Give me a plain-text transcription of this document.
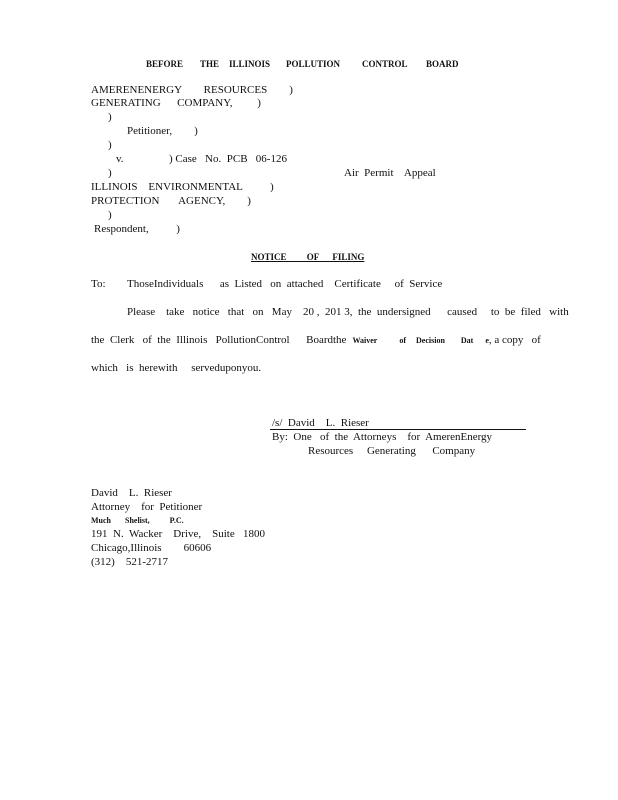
BEFORE THE ILLINOIS POLLUTION CONTROL BOARD
AMERENENERGY        RESOURCES        )
GENERATING      COMPANY,         )
)
Petitioner,        )
)
v.	) Case   No.  PCB   06-126
)	Air  Permit    Appeal
ILLINOIS    ENVIRONMENTAL          )
PROTECTION       AGENCY,        )
)
Respondent,          )
NOTICE         OF      FILING
To: ThoseIndividuals      as  Listed   on  attached    Certificate     of  Service
Please    take   notice   that   on   May    20 ,  201 3,  the  undersigned      caused     to  be  filed   with
the  Clerk   of  the  Illinois   PollutionControl      Boardthe Waiver	of Decision Dat e, a copy   of
which   is  herewith     serveduponyou.
/s/  David    L.  Rieser
By:  One   of  the  Attorneys    for  AmerenEnergy
Resources     Generating      Company
David    L.  Rieser
Attorney    for  Petitioner
Much       Shelist,          P.C.
191  N.  Wacker    Drive,    Suite   1800
Chicago,Illinois        60606
(312)    521-2717
